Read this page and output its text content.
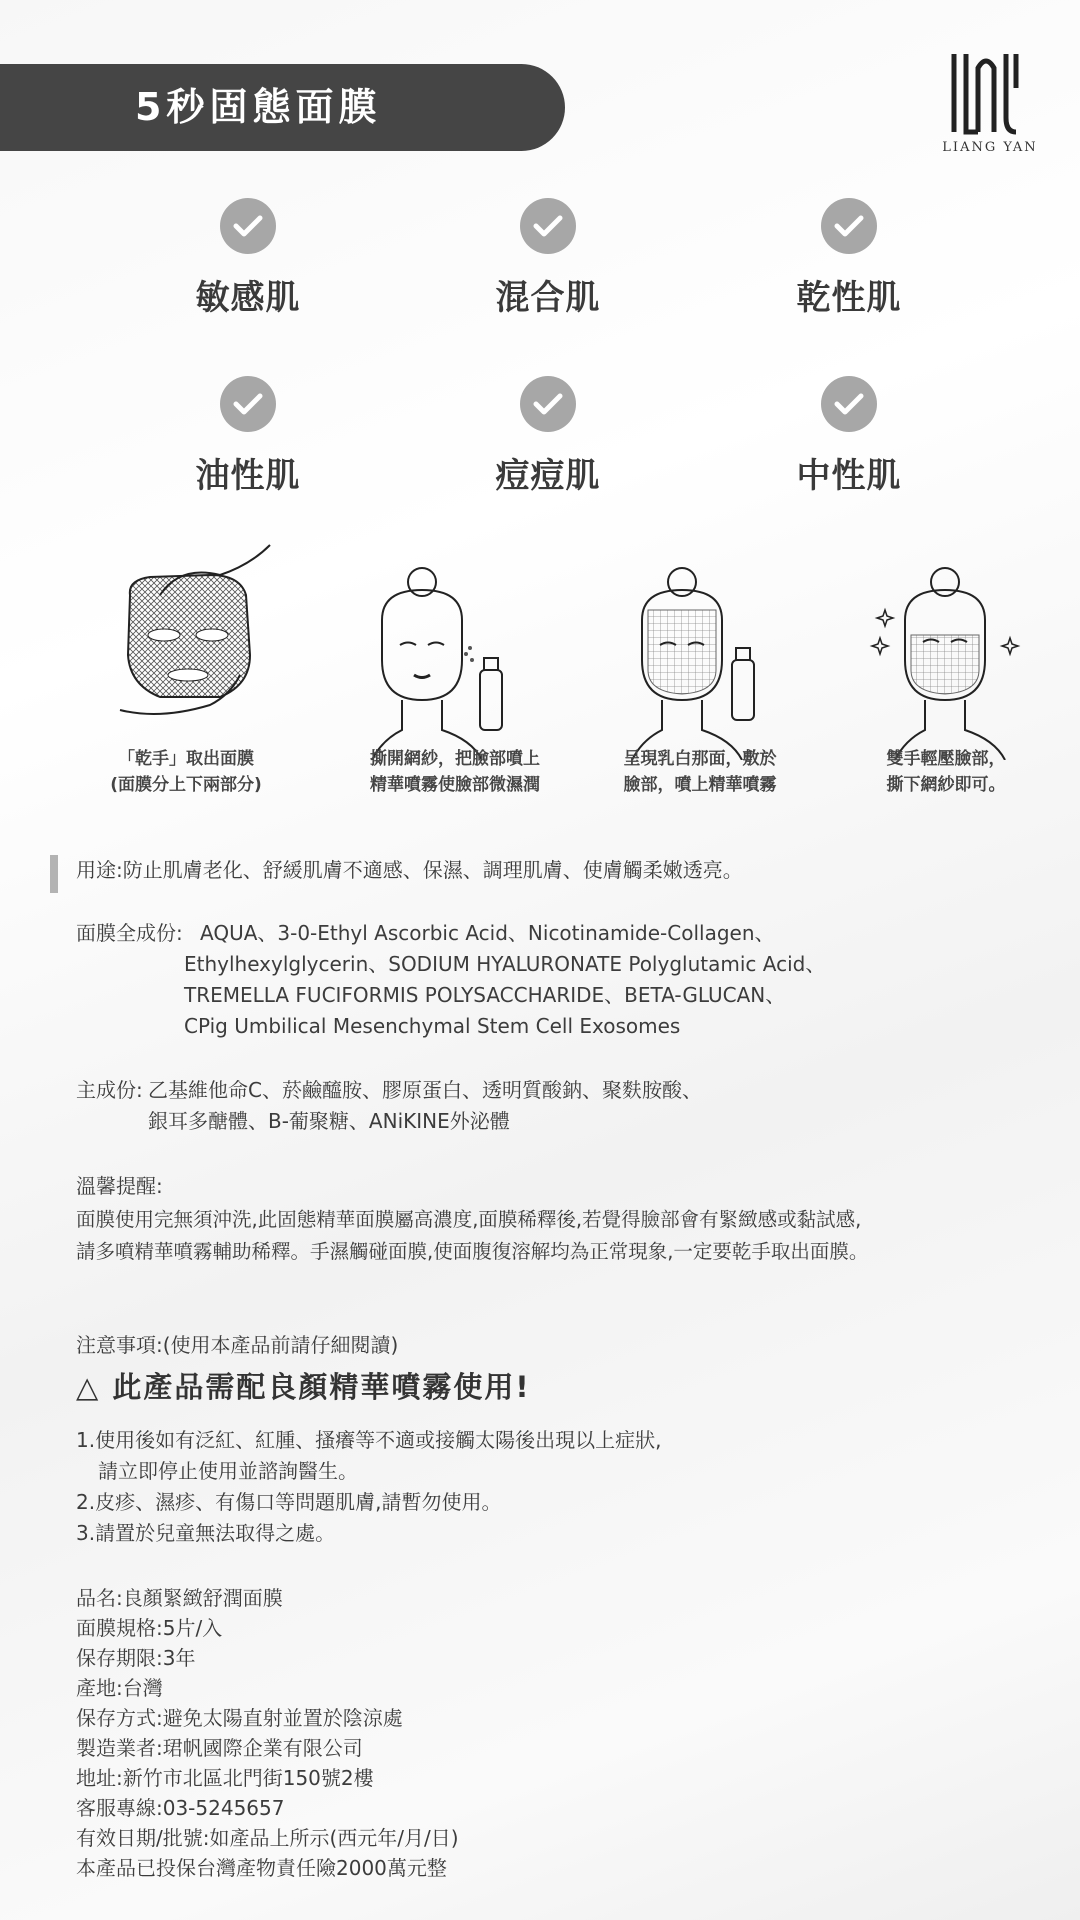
5秒固態面膜
LIANG YAN
敏感肌	混合肌	乾性肌
油性肌	痘痘肌	中性肌
「乾手」取出面膜
(面膜分上下兩部分)
撕開網紗，把臉部噴上
精華噴霧使臉部微濕潤
呈現乳白那面，敷於
臉部，噴上精華噴霧
雙手輕壓臉部，
撕下網紗即可。
用途:防止肌膚老化、舒緩肌膚不適感、保濕、調理肌膚、使膚觸柔嫩透亮。
面膜全成份: AQUA、3-0-Ethyl Ascorbic Acid、Nicotinamide-Collagen、
Ethylhexylglycerin、SODIUM HYALURONATE Polyglutamic Acid、
TREMELLA FUCIFORMIS POLYSACCHARIDE、BETA-GLUCAN、
CPig Umbilical Mesenchymal Stem Cell Exosomes
主成份: 乙基維他命C、菸鹼醯胺、膠原蛋白、透明質酸鈉、聚麩胺酸、
銀耳多醣體、B-葡聚糖、ANiKINE外泌體
溫馨提醒:
面膜使用完無須沖洗,此固態精華面膜屬高濃度,面膜稀釋後,若覺得臉部會有緊緻感或黏試感,
請多噴精華噴霧輔助稀釋。手濕觸碰面膜,使面腹復溶解均為正常現象,一定要乾手取出面膜。
注意事項:(使用本產品前請仔細閱讀)
△ 此產品需配良顏精華噴霧使用!
1.使用後如有泛紅、紅腫、搔癢等不適或接觸太陽後出現以上症狀,
請立即停止使用並諮詢醫生。
2.皮疹、濕疹、有傷口等問題肌膚,請暫勿使用。
3.請置於兒童無法取得之處。
品名:良顏緊緻舒潤面膜
面膜規格:5片/入
保存期限:3年
產地:台灣
保存方式:避免太陽直射並置於陰涼處
製造業者:珺帆國際企業有限公司
地址:新竹市北區北門街150號2樓
客服專線:03-5245657
有效日期/批號:如產品上所示(西元年/月/日)
本產品已投保台灣產物責任險2000萬元整
